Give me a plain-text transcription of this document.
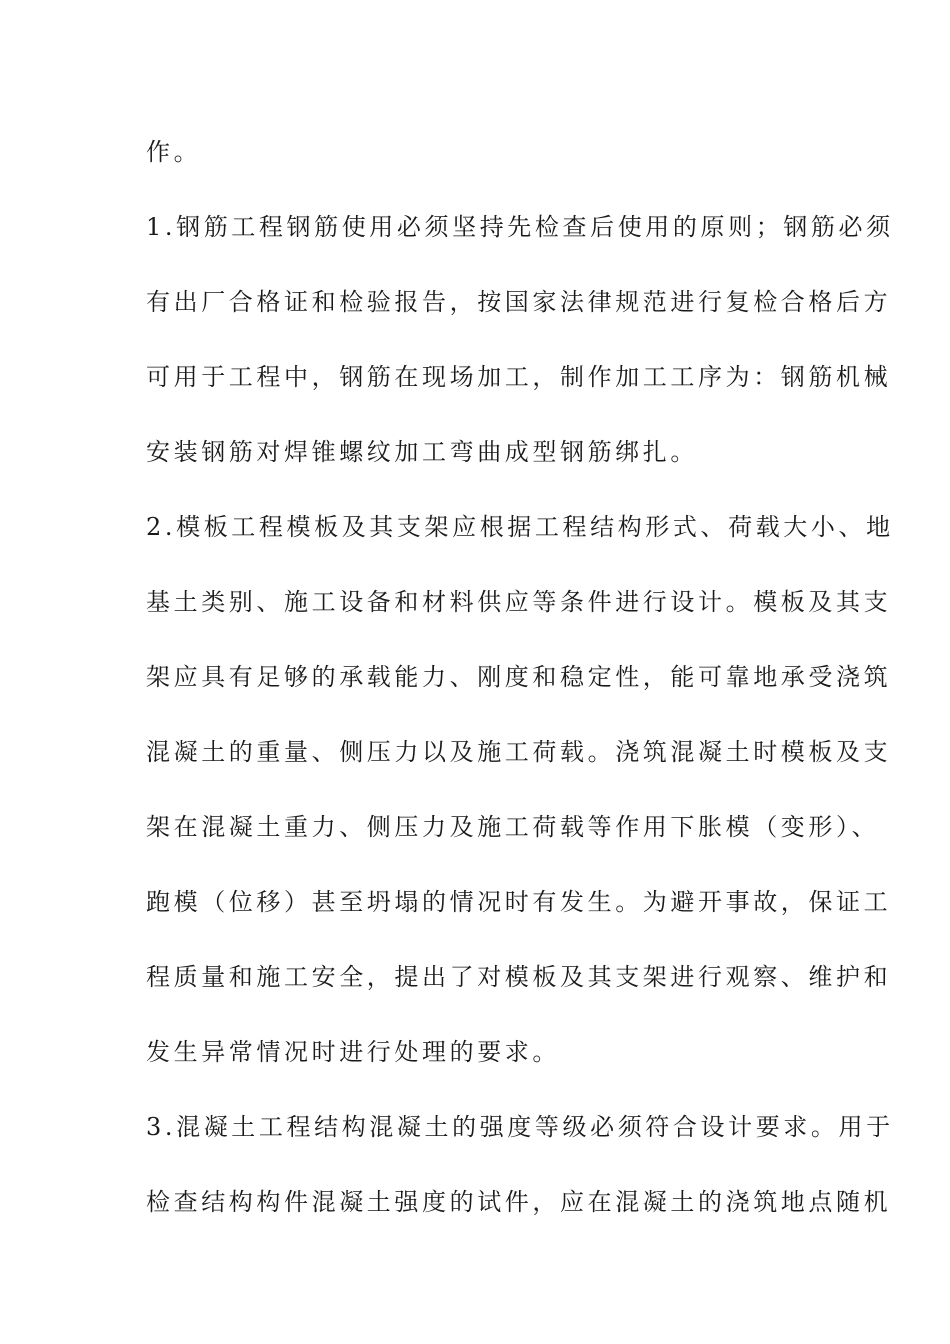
作。
1.钢筋工程钢筋使用必须坚持先检查后使用的原则；钢筋必须
有出厂合格证和检验报告，按国家法律规范进行复检合格后方
可用于工程中，钢筋在现场加工，制作加工工序为：钢筋机械
安装钢筋对焊锥螺纹加工弯曲成型钢筋绑扎。
2.模板工程模板及其支架应根据工程结构形式、荷载大小、地
基土类别、施工设备和材料供应等条件进行设计。模板及其支
架应具有足够的承载能力、刚度和稳定性，能可靠地承受浇筑
混凝土的重量、侧压力以及施工荷载。浇筑混凝土时模板及支
架在混凝土重力、侧压力及施工荷载等作用下胀模（变形）、
跑模（位移）甚至坍塌的情况时有发生。为避开事故，保证工
程质量和施工安全，提出了对模板及其支架进行观察、维护和
发生异常情况时进行处理的要求。
3.混凝土工程结构混凝土的强度等级必须符合设计要求。用于
检查结构构件混凝土强度的试件，应在混凝土的浇筑地点随机
